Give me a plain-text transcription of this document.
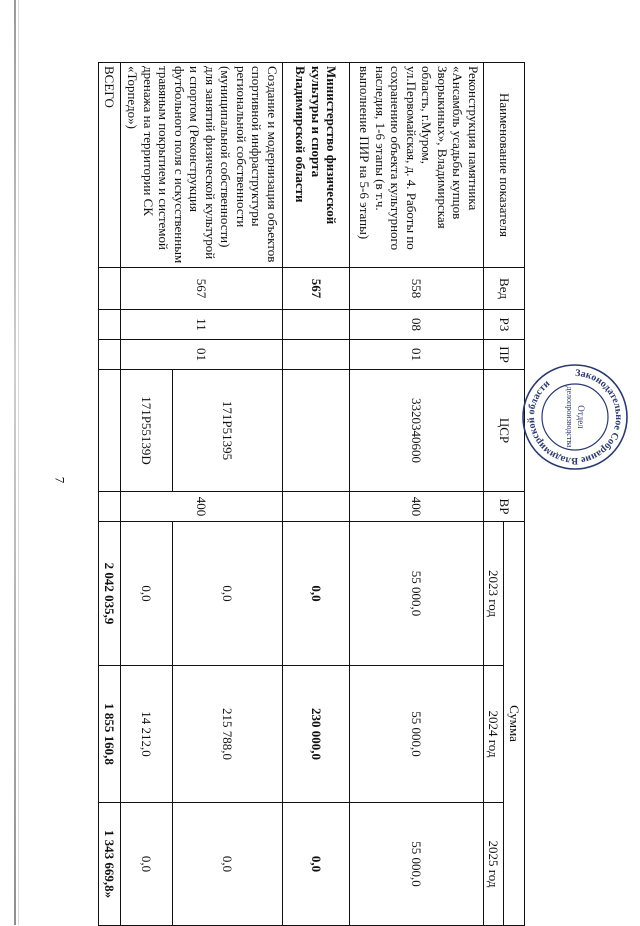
7
Наименование показателя	Вед	РЗ	ПР	ЦСР	ВР	Сумма		
						2023 год	2024 год	2025 год
Реконструкция памятника «Ансамбль усадьбы купцов Зворыкиных», Владимирская область, г.Муром, ул.Первомайская, д. 4. Работы по сохранению объекта культурного наследия, 1-6 этапы (в т.ч. выполнение ПИР на 5-6 этапы)	558	08	01	3320340600	400	55 000,0	55 000,0	55 000,0
Министерство физической культуры и спорта Владимирской области	567					0,0	230 000,0	0,0
Создание и модернизация объектов спортивной инфраструктуры региональной собственности (муниципальной собственности) для занятий физической культурой и спортом (Реконструкция футбольного поля с искусственным травяным покрытием и системой дренажа на территории СК «Торпедо»)	567	11	01	171P51395	400	0,0	215 788,0	0,0
				171P55139D		0,0	14 212,0	0,0
ВСЕГО						2 042 035,9	1 855 160,8	1 343 669,8»
Законодательное Собрание Владимирской области
Отдел
делопроизводства
